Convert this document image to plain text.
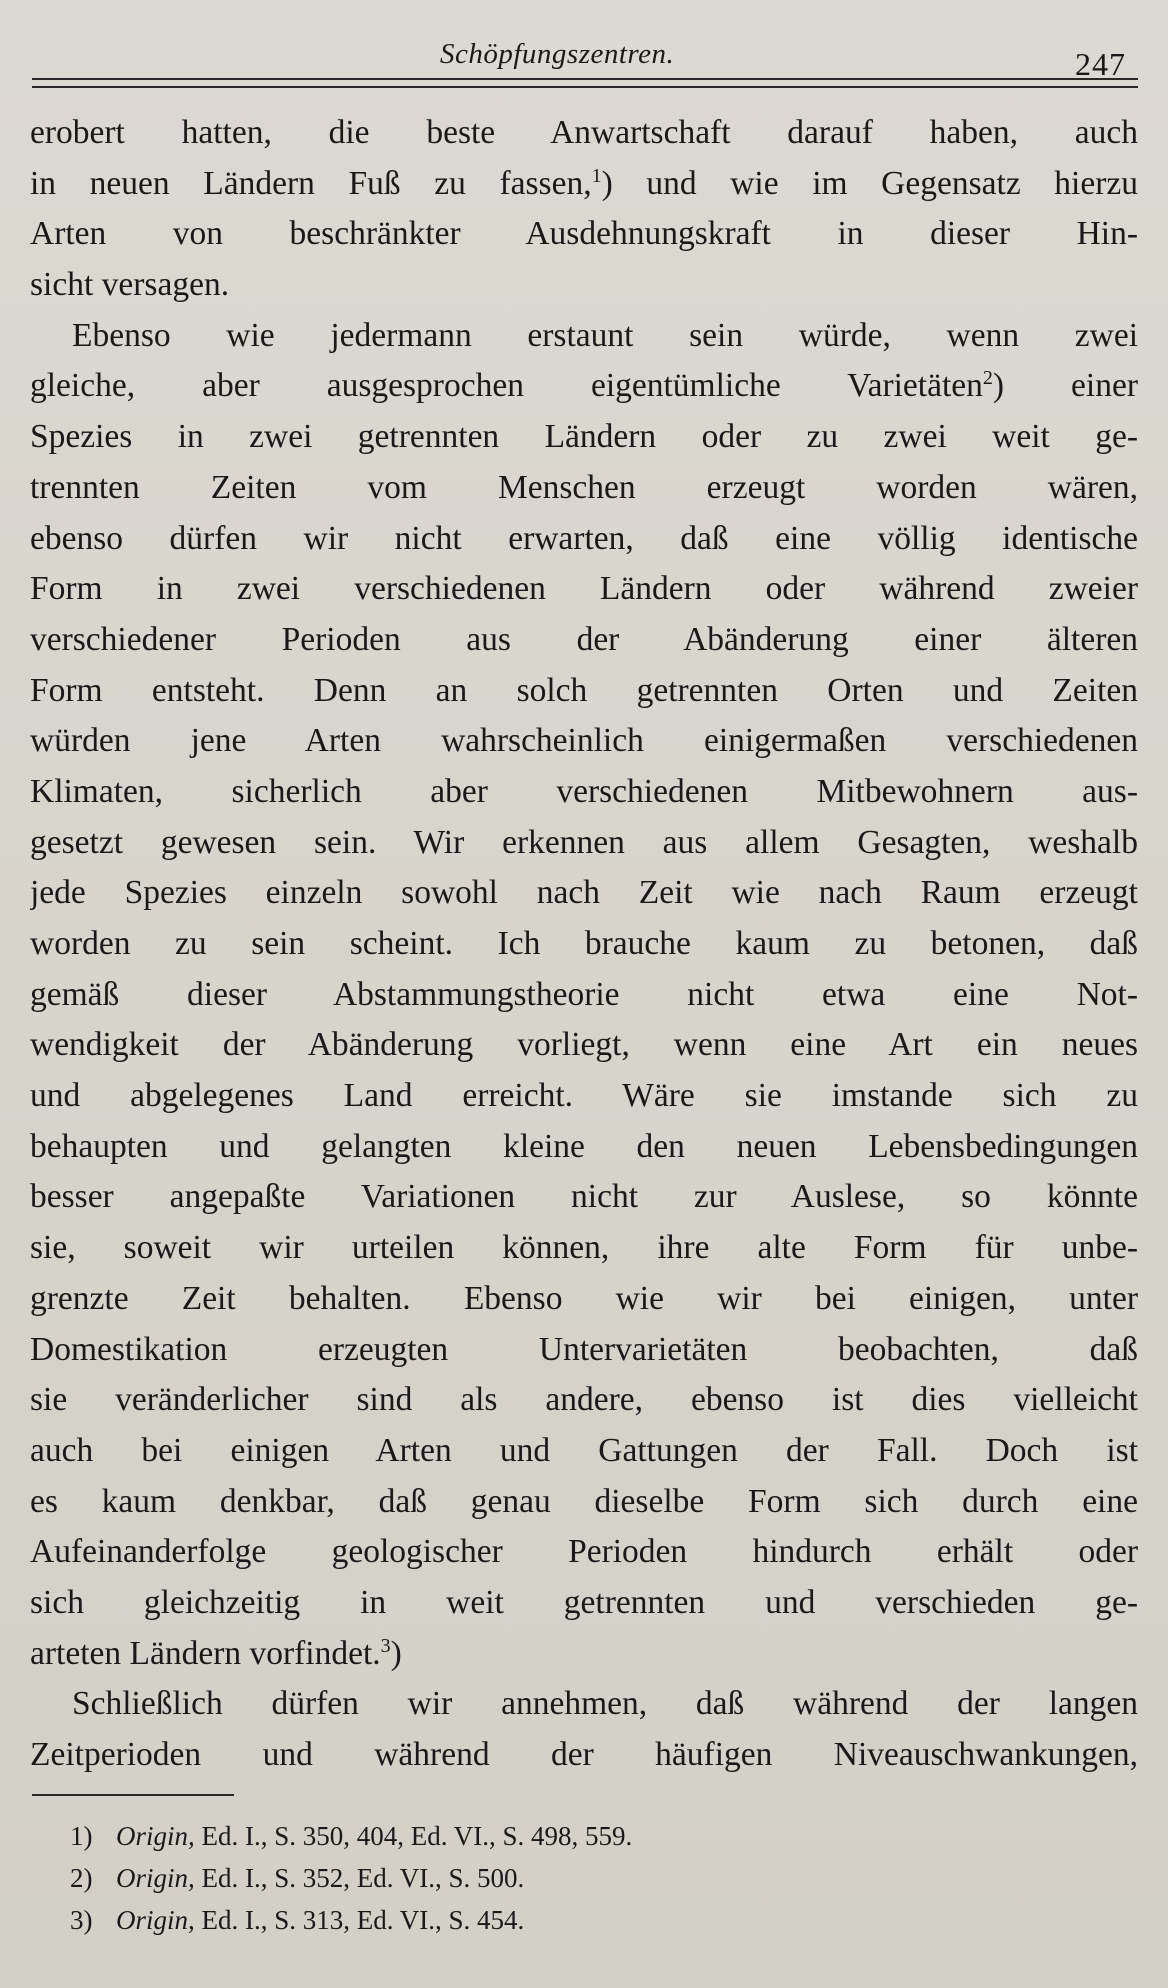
Schöpfungszentren.	247
erobert hatten, die beste Anwartschaft darauf haben, auch
in neuen Ländern Fuß zu fassen,$^1$) und wie im Gegensatz hierzu
Arten von beschränkter Ausdehnungskraft in dieser Hin-
sicht versagen.
Ebenso wie jedermann erstaunt sein würde, wenn zwei
gleiche, aber ausgesprochen eigentümliche Varietäten$^2$) einer
Spezies in zwei getrennten Ländern oder zu zwei weit ge-
trennten Zeiten vom Menschen erzeugt worden wären,
ebenso dürfen wir nicht erwarten, daß eine völlig identische
Form in zwei verschiedenen Ländern oder während zweier
verschiedener Perioden aus der Abänderung einer älteren
Form entsteht. Denn an solch getrennten Orten und Zeiten
würden jene Arten wahrscheinlich einigermaßen verschiedenen
Klimaten, sicherlich aber verschiedenen Mitbewohnern aus-
gesetzt gewesen sein. Wir erkennen aus allem Gesagten, weshalb
jede Spezies einzeln sowohl nach Zeit wie nach Raum erzeugt
worden zu sein scheint. Ich brauche kaum zu betonen, daß
gemäß dieser Abstammungstheorie nicht etwa eine Not-
wendigkeit der Abänderung vorliegt, wenn eine Art ein neues
und abgelegenes Land erreicht. Wäre sie imstande sich zu
behaupten und gelangten kleine den neuen Lebensbedingungen
besser angepaßte Variationen nicht zur Auslese, so könnte
sie, soweit wir urteilen können, ihre alte Form für unbe-
grenzte Zeit behalten. Ebenso wie wir bei einigen, unter
Domestikation erzeugten Untervarietäten beobachten, daß
sie veränderlicher sind als andere, ebenso ist dies vielleicht
auch bei einigen Arten und Gattungen der Fall. Doch ist
es kaum denkbar, daß genau dieselbe Form sich durch eine
Aufeinanderfolge geologischer Perioden hindurch erhält oder
sich gleichzeitig in weit getrennten und verschieden ge-
arteten Ländern vorfindet.$^3$)
Schließlich dürfen wir annehmen, daß während der langen
Zeitperioden und während der häufigen Niveauschwankungen,
1) Origin, Ed. I., S. 350, 404, Ed. VI., S. 498, 559.
2) Origin, Ed. I., S. 352, Ed. VI., S. 500.
3) Origin, Ed. I., S. 313, Ed. VI., S. 454.
